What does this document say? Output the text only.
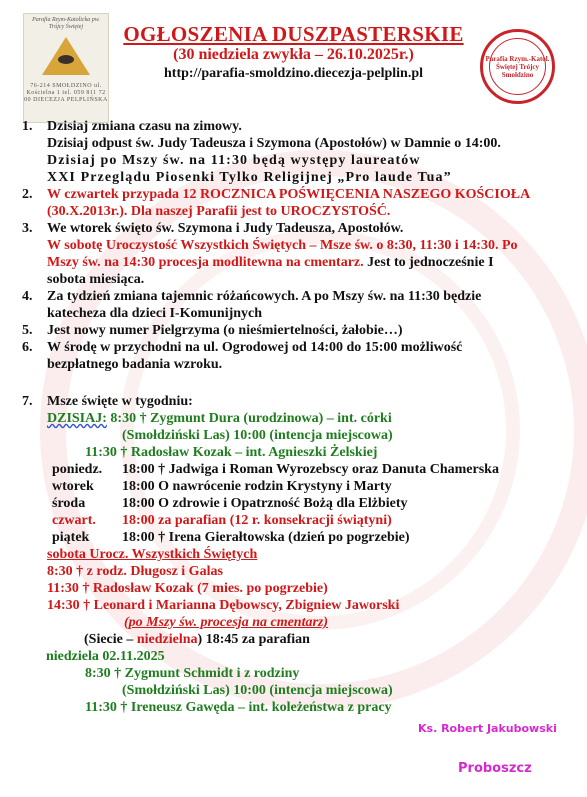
Parafia Rzym-Katolicka pw. Trójcy Świętej
76-214 SMOŁDZINO ul. Kościelna 1 tel. 059 811 72 00 DIECEZJA PELPLIŃSKA
Parafia Rzym.-Katol. Świętej Trójcy Smołdzino
OGŁOSZENIA DUSZPASTERSKIE
(30 niedziela zwykła – 26.10.2025r.)
http://parafia-smoldzino.diecezja-pelplin.pl
1.	Dzisiaj zmiana czasu na zimowy.
Dzisiaj odpust św. Judy Tadeusza i Szymona (Apostołów) w Damnie o 14:00.
Dzisiaj po Mszy św. na 11:30 będą występy laureatów
XXI Przeglądu Piosenki Tylko Religijnej „Pro laude Tua”
2.	W czwartek przypada 12 ROCZNICA POŚWIĘCENIA NASZEGO KOŚCIOŁA
(30.X.2013r.). Dla naszej Parafii jest to UROCZYSTOŚĆ.
3.	We wtorek święto św. Szymona i Judy Tadeusza, Apostołów.
W sobotę Uroczystość Wszystkich Świętych – Msze św. o 8:30, 11:30 i 14:30. Po
Mszy św. na 14:30 procesja modlitewna na cmentarz. Jest to jednocześnie I
sobota miesiąca.
4.	Za tydzień zmiana tajemnic różańcowych. A po Mszy św. na 11:30 będzie
katecheza dla dzieci I-Komunijnych
5.	Jest nowy numer Pielgrzyma (o nieśmiertelności, żałobie…)
6.	W środę w przychodni na ul. Ogrodowej od 14:00 do 15:00 możliwość
bezpłatnego badania wzroku.
7.	Msze święte w tygodniu:
DZISIAJ: 8:30 † Zygmunt Dura (urodzinowa) – int. córki
(Smołdziński Las) 10:00 (intencja miejscowa)
11:30 † Radosław Kozak – int. Agnieszki Żelskiej
poniedz. 18:00 † Jadwiga i Roman Wyrozebscy oraz Danuta Chamerska
wtorek 18:00 O nawrócenie rodzin Krystyny i Marty
środa	18:00 O zdrowie i Opatrzność Bożą dla Elżbiety
czwart. 18:00 za parafian (12 r. konsekracji świątyni)
piątek 18:00 † Irena Gierałtowska (dzień po pogrzebie)
sobota Urocz. Wszystkich Świętych
8:30 † z rodz. Długosz i Galas
11:30 † Radosław Kozak (7 mies. po pogrzebie)
14:30 † Leonard i Marianna Dębowscy, Zbigniew Jaworski
(po Mszy św. procesja na cmentarz)
(Siecie – niedzielna) 18:45 za parafian
niedziela 02.11.2025
8:30 † Zygmunt Schmidt i z rodziny
(Smołdziński Las) 10:00 (intencja miejscowa)
11:30 † Ireneusz Gawęda – int. koleżeństwa z pracy
Ks. Robert Jakubowski
Proboszcz
